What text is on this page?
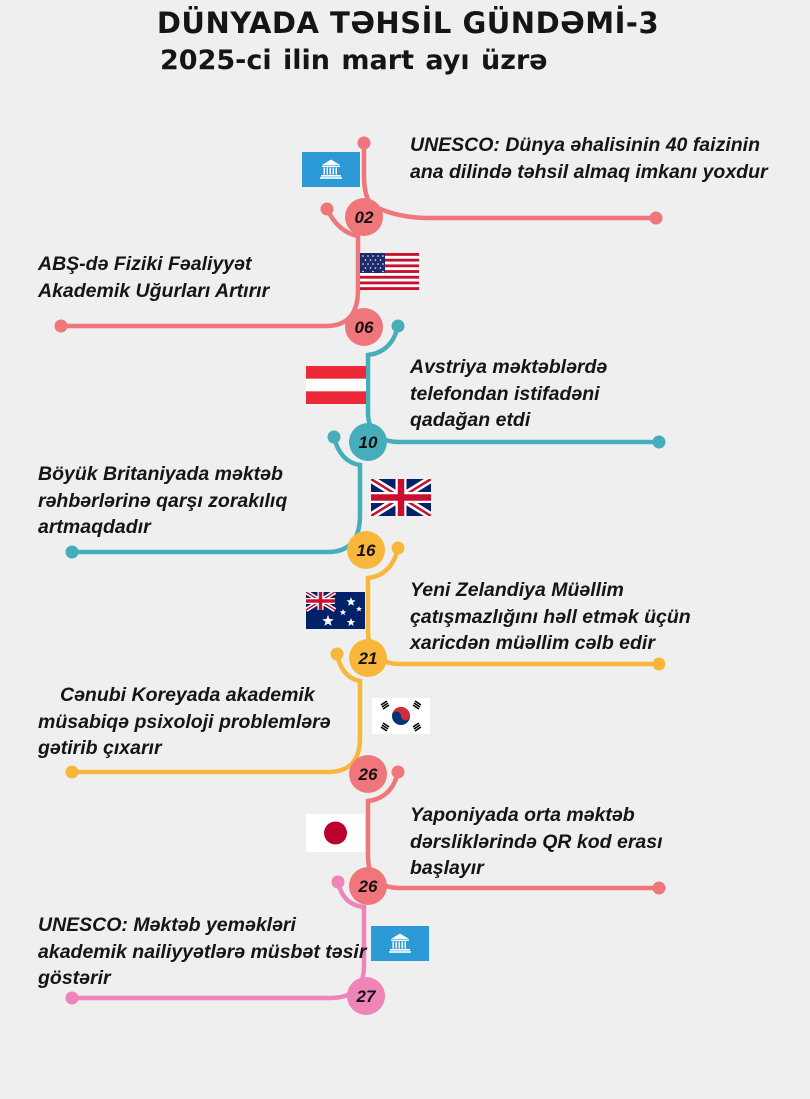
DÜNYADA TƏHSİL GÜNDƏMİ-3
2025-ci ilin mart ayı üzrə
02
06
10
16
21
26
26
27

UNESCO: Dünya əhalisinin 40 faizinin ana dilində təhsil almaq imkanı yoxdur

ABŞ-də Fiziki Fəaliyyət Akademik Uğurları Artırır

Avstriya məktəblərdə telefondan istifadəni qadağan etdi

Böyük Britaniyada məktəb rəhbərlərinə qarşı zorakılıq artmaqdadır

Yeni Zelandiya Müəllim çatışmazlığını həll etmək üçün xaricdən müəllim cəlb edir

Cənubi Koreyada akademik müsabiqə psixoloji problemlərə gətirib çıxarır

Yaponiyada orta məktəb dərsliklərində QR kod erası başlayır

UNESCO: Məktəb yeməkləri akademik nailiyyətlərə müsbət təsir göstərir
